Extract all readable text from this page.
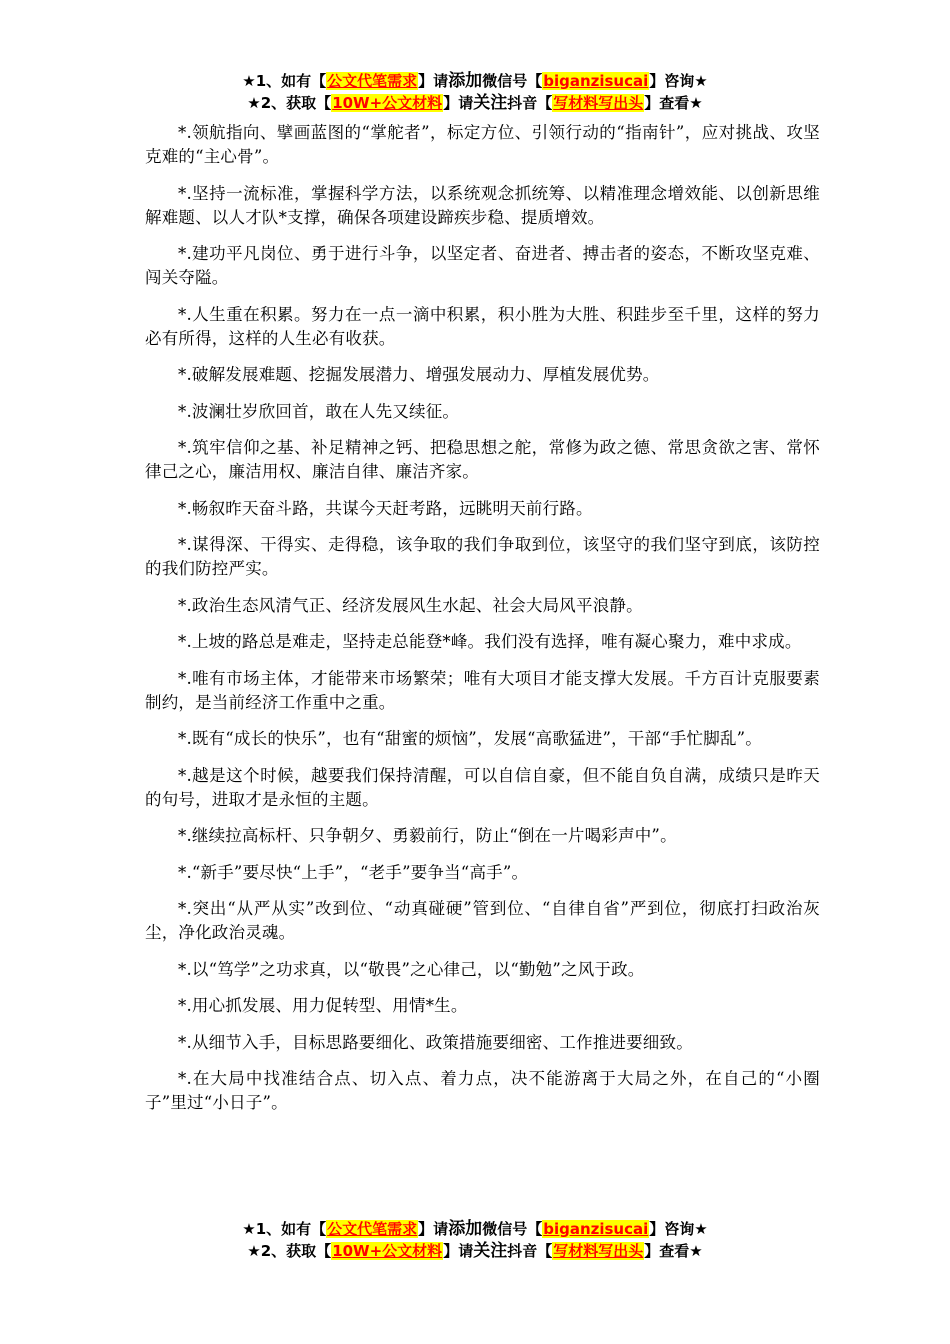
★1、如有【公文代笔需求】请添加微信号【biganzisucai】咨询★
★2、获取【10W+公文材料】请关注抖音【写材料写出头】查看★

*.领航指向、擘画蓝图的“掌舵者”，标定方位、引领行动的“指南针”，应对挑战、攻坚克难的“主心骨”。

*.坚持一流标准，掌握科学方法，以系统观念抓统筹、以精准理念增效能、以创新思维解难题、以人才队*支撑，确保各项建设蹄疾步稳、提质增效。

*.建功平凡岗位、勇于进行斗争，以坚定者、奋进者、搏击者的姿态，不断攻坚克难、闯关夺隘。

*.人生重在积累。努力在一点一滴中积累，积小胜为大胜、积跬步至千里，这样的努力必有所得，这样的人生必有收获。

*.破解发展难题、挖掘发展潜力、增强发展动力、厚植发展优势。

*.波澜壮岁欣回首，敢在人先又续征。

*.筑牢信仰之基、补足精神之钙、把稳思想之舵，常修为政之德、常思贪欲之害、常怀律己之心，廉洁用权、廉洁自律、廉洁齐家。

*.畅叙昨天奋斗路，共谋今天赶考路，远眺明天前行路。

*.谋得深、干得实、走得稳，该争取的我们争取到位，该坚守的我们坚守到底，该防控的我们防控严实。

*.政治生态风清气正、经济发展风生水起、社会大局风平浪静。

*.上坡的路总是难走，坚持走总能登*峰。我们没有选择，唯有凝心聚力，难中求成。

*.唯有市场主体，才能带来市场繁荣；唯有大项目才能支撑大发展。千方百计克服要素制约，是当前经济工作重中之重。

*.既有“成长的快乐”，也有“甜蜜的烦恼”，发展“高歌猛进”，干部“手忙脚乱”。

*.越是这个时候，越要我们保持清醒，可以自信自豪，但不能自负自满，成绩只是昨天的句号，进取才是永恒的主题。

*.继续拉高标杆、只争朝夕、勇毅前行，防止“倒在一片喝彩声中”。

*.“新手”要尽快“上手”，“老手”要争当“高手”。

*.突出“从严从实”改到位、“动真碰硬”管到位、“自律自省”严到位，彻底打扫政治灰尘，净化政治灵魂。

*.以“笃学”之功求真，以“敬畏”之心律己，以“勤勉”之风于政。

*.用心抓发展、用力促转型、用情*生。

*.从细节入手，目标思路要细化、政策措施要细密、工作推进要细致。

*.在大局中找准结合点、切入点、着力点，决不能游离于大局之外，在自己的“小圈子”里过“小日子”。

★1、如有【公文代笔需求】请添加微信号【biganzisucai】咨询★
★2、获取【10W+公文材料】请关注抖音【写材料写出头】查看★
